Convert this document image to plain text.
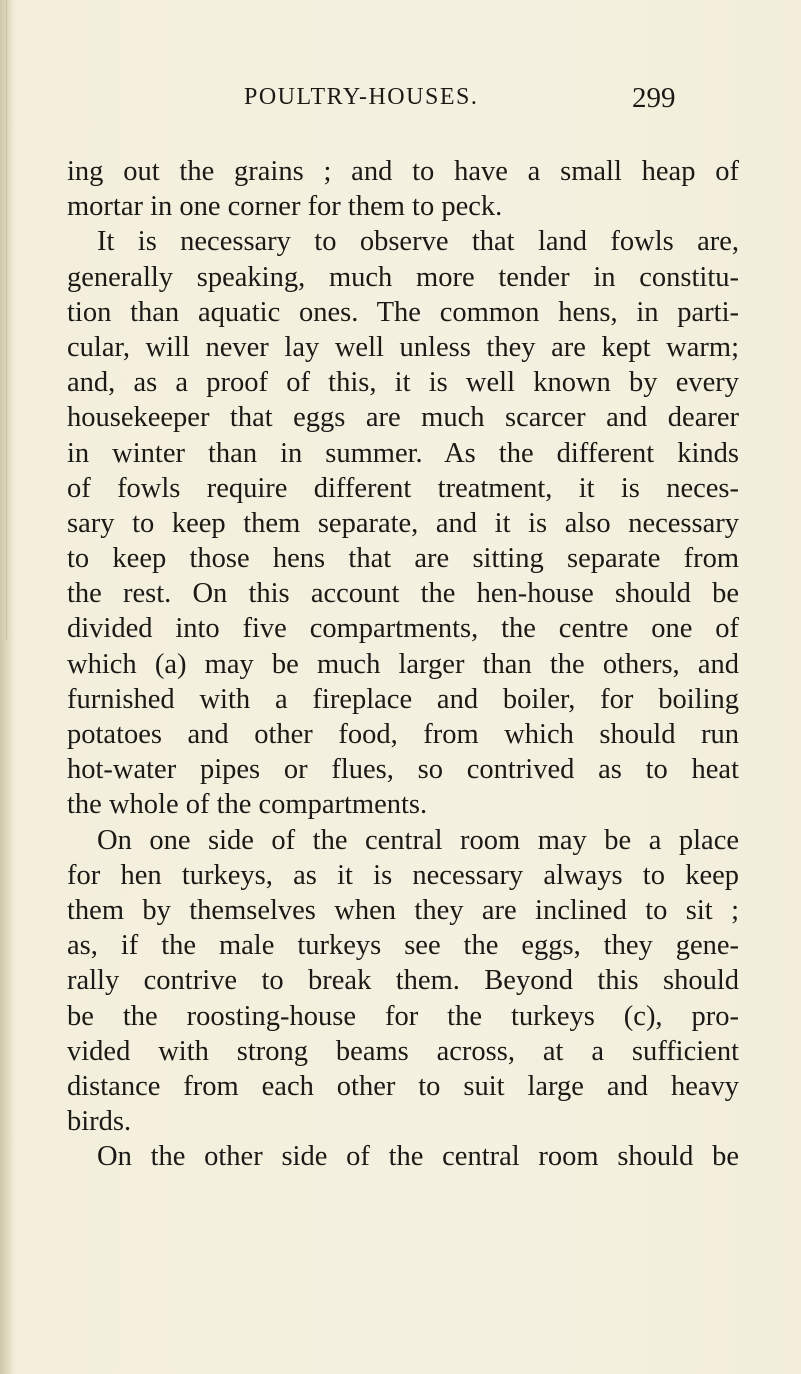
POULTRY-HOUSES.	299
ing out the grains ; and to have a small heap of
mortar in one corner for them to peck.
It is necessary to observe that land fowls are,
generally speaking, much more tender in constitu-
tion than aquatic ones. The common hens, in parti-
cular, will never lay well unless they are kept warm;
and, as a proof of this, it is well known by every
housekeeper that eggs are much scarcer and dearer
in winter than in summer. As the different kinds
of fowls require different treatment, it is neces-
sary to keep them separate, and it is also necessary
to keep those hens that are sitting separate from
the rest. On this account the hen-house should be
divided into five compartments, the centre one of
which (a) may be much larger than the others, and
furnished with a fireplace and boiler, for boiling
potatoes and other food, from which should run
hot-water pipes or flues, so contrived as to heat
the whole of the compartments.
On one side of the central room may be a place
for hen turkeys, as it is necessary always to keep
them by themselves when they are inclined to sit ;
as, if the male turkeys see the eggs, they gene-
rally contrive to break them. Beyond this should
be the roosting-house for the turkeys (c), pro-
vided with strong beams across, at a sufficient
distance from each other to suit large and heavy
birds.
On the other side of the central room should be
